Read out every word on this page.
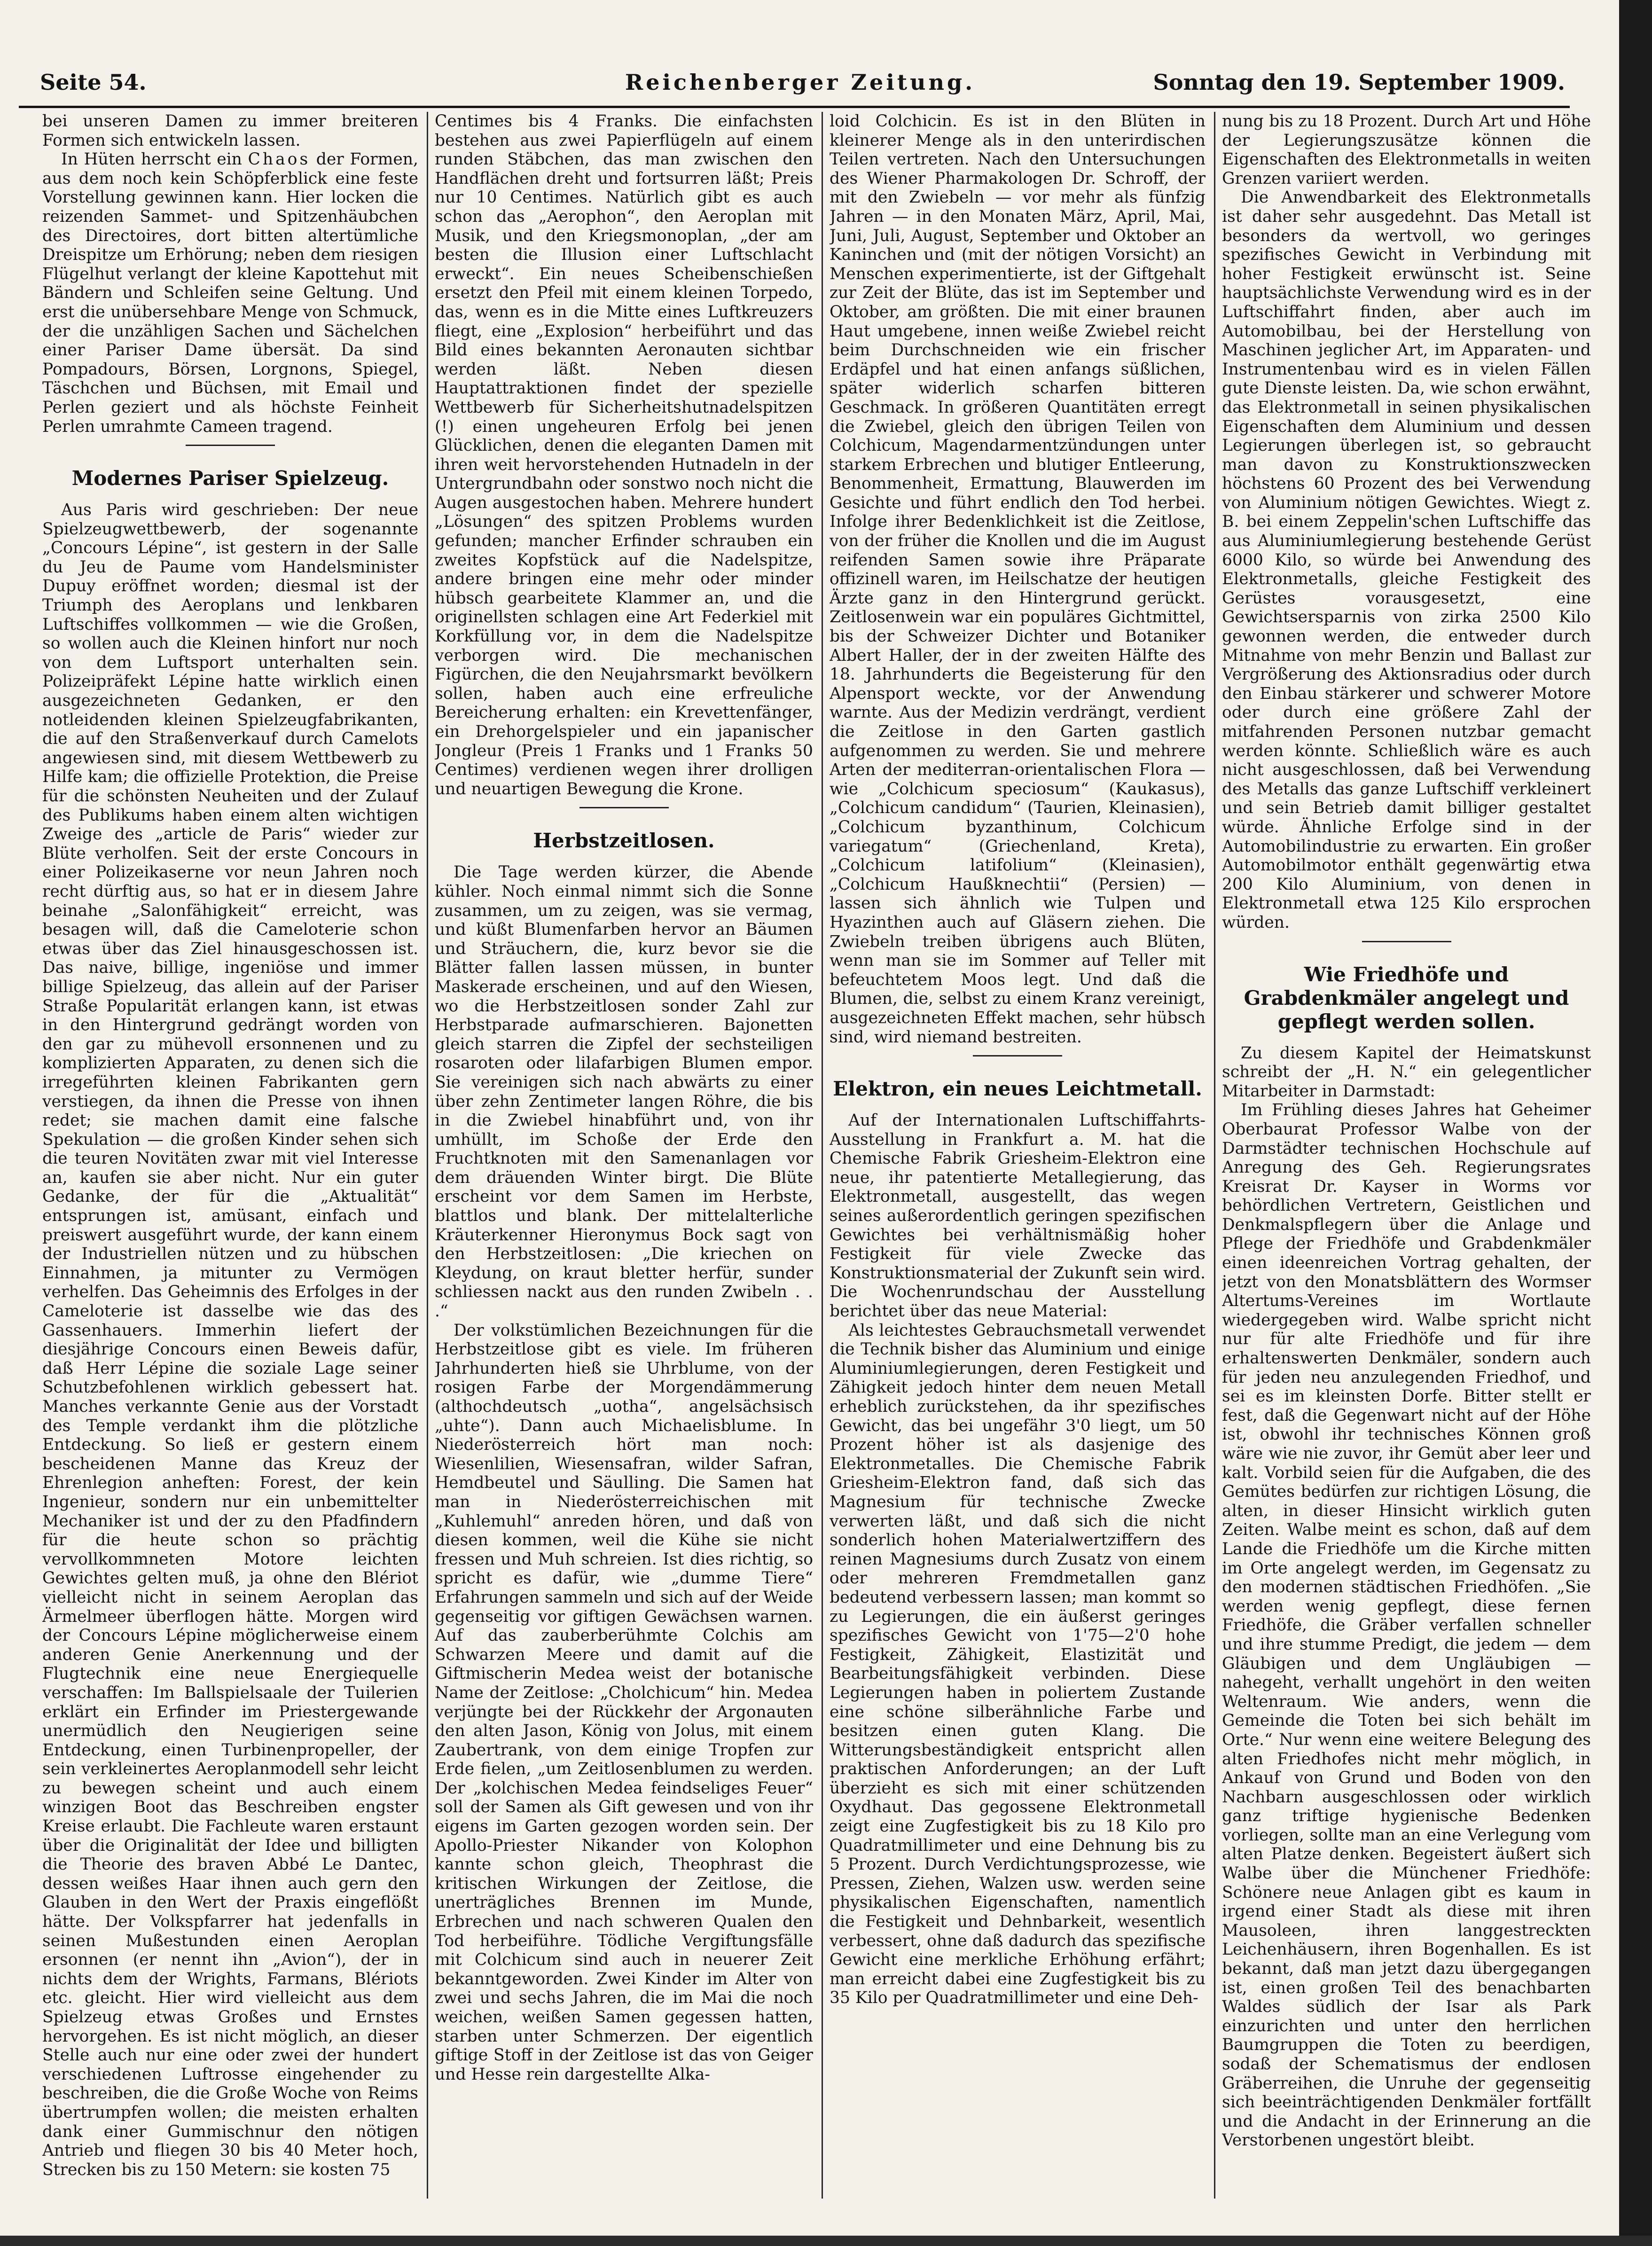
Seite 54.	Reichenberger Zeitung.	Sonntag den 19. September 1909.

bei unseren Damen zu immer breiteren Formen sich entwickeln lassen.

In Hüten herrscht ein Chaos der Formen, aus dem noch kein Schöpferblick eine feste Vorstellung gewinnen kann. Hier locken die reizenden Sammet- und Spitzenhäubchen des Directoires, dort bitten altertümliche Dreispitze um Erhörung; neben dem riesigen Flügelhut verlangt der kleine Kapottehut mit Bändern und Schleifen seine Geltung. Und erst die unübersehbare Menge von Schmuck, der die unzähligen Sachen und Sächelchen einer Pariser Dame übersät. Da sind Pompadours, Börsen, Lorgnons, Spiegel, Täschchen und Büchsen, mit Email und Perlen geziert und als höchste Feinheit Perlen umrahmte Cameen tragend.

Modernes Pariser Spielzeug.

Aus Paris wird geschrieben: Der neue Spielzeugwettbewerb, der sogenannte „Concours Lépine“, ist gestern in der Salle du Jeu de Paume vom Handelsminister Dupuy eröffnet worden; diesmal ist der Triumph des Aeroplans und lenkbaren Luftschiffes vollkommen — wie die Großen, so wollen auch die Kleinen hinfort nur noch von dem Luftsport unterhalten sein. Polizeipräfekt Lépine hatte wirklich einen ausgezeichneten Gedanken, er den notleidenden kleinen Spielzeugfabrikanten, die auf den Straßenverkauf durch Camelots angewiesen sind, mit diesem Wettbewerb zu Hilfe kam; die offizielle Protektion, die Preise für die schönsten Neuheiten und der Zulauf des Publikums haben einem alten wichtigen Zweige des „article de Paris“ wieder zur Blüte verholfen. Seit der erste Concours in einer Polizeikaserne vor neun Jahren noch recht dürftig aus, so hat er in diesem Jahre beinahe „Salonfähigkeit“ erreicht, was besagen will, daß die Cameloterie schon etwas über das Ziel hinausgeschossen ist. Das naive, billige, ingeniöse und immer billige Spielzeug, das allein auf der Pariser Straße Popularität erlangen kann, ist etwas in den Hintergrund gedrängt worden von den gar zu mühevoll ersonnenen und zu komplizierten Apparaten, zu denen sich die irregeführten kleinen Fabrikanten gern verstiegen, da ihnen die Presse von ihnen redet; sie machen damit eine falsche Spekulation — die großen Kinder sehen sich die teuren Novitäten zwar mit viel Interesse an, kaufen sie aber nicht. Nur ein guter Gedanke, der für die „Aktualität“ entsprungen ist, amüsant, einfach und preiswert ausgeführt wurde, der kann einem der Industriellen nützen und zu hübschen Einnahmen, ja mitunter zu Vermögen verhelfen. Das Geheimnis des Erfolges in der Cameloterie ist dasselbe wie das des Gassenhauers. Immerhin liefert der diesjährige Concours einen Beweis dafür, daß Herr Lépine die soziale Lage seiner Schutzbefohlenen wirklich gebessert hat. Manches verkannte Genie aus der Vorstadt des Temple verdankt ihm die plötzliche Entdeckung. So ließ er gestern einem bescheidenen Manne das Kreuz der Ehrenlegion anheften: Forest, der kein Ingenieur, sondern nur ein unbemittelter Mechaniker ist und der zu den Pfadfindern für die heute schon so prächtig vervollkommneten Motore leichten Gewichtes gelten muß, ja ohne den Blériot vielleicht nicht in seinem Aeroplan das Ärmelmeer überflogen hätte. Morgen wird der Concours Lépine möglicherweise einem anderen Genie Anerkennung und der Flugtechnik eine neue Energiequelle verschaffen: Im Ballspielsaale der Tuilerien erklärt ein Erfinder im Priestergewande unermüdlich den Neugierigen seine Entdeckung, einen Turbinenpropeller, der sein verkleinertes Aeroplanmodell sehr leicht zu bewegen scheint und auch einem winzigen Boot das Beschreiben engster Kreise erlaubt. Die Fachleute waren erstaunt über die Originalität der Idee und billigten die Theorie des braven Abbé Le Dantec, dessen weißes Haar ihnen auch gern den Glauben in den Wert der Praxis eingeflößt hätte. Der Volkspfarrer hat jedenfalls in seinen Mußestunden einen Aeroplan ersonnen (er nennt ihn „Avion“), der in nichts dem der Wrights, Farmans, Blériots etc. gleicht. Hier wird vielleicht aus dem Spielzeug etwas Großes und Ernstes hervorgehen. Es ist nicht möglich, an dieser Stelle auch nur eine oder zwei der hundert verschiedenen Luftrosse eingehender zu beschreiben, die die Große Woche von Reims übertrumpfen wollen; die meisten erhalten dank einer Gummischnur den nötigen Antrieb und fliegen 30 bis 40 Meter hoch, Strecken bis zu 150 Metern: sie kosten 75

Centimes bis 4 Franks. Die einfachsten bestehen aus zwei Papierflügeln auf einem runden Stäbchen, das man zwischen den Handflächen dreht und fortsurren läßt; Preis nur 10 Centimes. Natürlich gibt es auch schon das „Aerophon“, den Aeroplan mit Musik, und den Kriegsmonoplan, „der am besten die Illusion einer Luftschlacht erweckt“. Ein neues Scheibenschießen ersetzt den Pfeil mit einem kleinen Torpedo, das, wenn es in die Mitte eines Luftkreuzers fliegt, eine „Explosion“ herbeiführt und das Bild eines bekannten Aeronauten sichtbar werden läßt. Neben diesen Hauptattraktionen findet der spezielle Wettbewerb für Sicherheitshutnadelspitzen (!) einen ungeheuren Erfolg bei jenen Glücklichen, denen die eleganten Damen mit ihren weit hervorstehenden Hutnadeln in der Untergrundbahn oder sonstwo noch nicht die Augen ausgestochen haben. Mehrere hundert „Lösungen“ des spitzen Problems wurden gefunden; mancher Erfinder schrauben ein zweites Kopfstück auf die Nadelspitze, andere bringen eine mehr oder minder hübsch gearbeitete Klammer an, und die originellsten schlagen eine Art Federkiel mit Korkfüllung vor, in dem die Nadelspitze verborgen wird. Die mechanischen Figürchen, die den Neujahrsmarkt bevölkern sollen, haben auch eine erfreuliche Bereicherung erhalten: ein Krevettenfänger, ein Drehorgelspieler und ein japanischer Jongleur (Preis 1 Franks und 1 Franks 50 Centimes) verdienen wegen ihrer drolligen und neuartigen Bewegung die Krone.

Herbstzeitlosen.

Die Tage werden kürzer, die Abende kühler. Noch einmal nimmt sich die Sonne zusammen, um zu zeigen, was sie vermag, und küßt Blumenfarben hervor an Bäumen und Sträuchern, die, kurz bevor sie die Blätter fallen lassen müssen, in bunter Maskerade erscheinen, und auf den Wiesen, wo die Herbstzeitlosen sonder Zahl zur Herbstparade aufmarschieren. Bajonetten gleich starren die Zipfel der sechsteiligen rosaroten oder lilafarbigen Blumen empor. Sie vereinigen sich nach abwärts zu einer über zehn Zentimeter langen Röhre, die bis in die Zwiebel hinabführt und, von ihr umhüllt, im Schoße der Erde den Fruchtknoten mit den Samenanlagen vor dem dräuenden Winter birgt. Die Blüte erscheint vor dem Samen im Herbste, blattlos und blank. Der mittelalterliche Kräuterkenner Hieronymus Bock sagt von den Herbstzeitlosen: „Die kriechen on Kleydung, on kraut bletter herfür, sunder schliessen nackt aus den runden Zwibeln . . .“

Der volkstümlichen Bezeichnungen für die Herbstzeitlose gibt es viele. Im früheren Jahrhunderten hieß sie Uhrblume, von der rosigen Farbe der Morgendämmerung (althochdeutsch „uotha“, angelsächsisch „uhte“). Dann auch Michaelisblume. In Niederösterreich hört man noch: Wiesenlilien, Wiesensafran, wilder Safran, Hemdbeutel und Säulling. Die Samen hat man in Niederösterreichischen mit „Kuhlemuhl“ anreden hören, und daß von diesen kommen, weil die Kühe sie nicht fressen und Muh schreien. Ist dies richtig, so spricht es dafür, wie „dumme Tiere“ Erfahrungen sammeln und sich auf der Weide gegenseitig vor giftigen Gewächsen warnen. Auf das zauberberühmte Colchis am Schwarzen Meere und damit auf die Giftmischerin Medea weist der botanische Name der Zeitlose: „Cholchicum“ hin. Medea verjüngte bei der Rückkehr der Argonauten den alten Jason, König von Jolus, mit einem Zaubertrank, von dem einige Tropfen zur Erde fielen, „um Zeitlosenblumen zu werden. Der „kolchischen Medea feindseliges Feuer“ soll der Samen als Gift gewesen und von ihr eigens im Garten gezogen worden sein. Der Apollo-Priester Nikander von Kolophon kannte schon gleich, Theophrast die kritischen Wirkungen der Zeitlose, die unerträgliches Brennen im Munde, Erbrechen und nach schweren Qualen den Tod herbeiführe. Tödliche Vergiftungsfälle mit Colchicum sind auch in neuerer Zeit bekanntgeworden. Zwei Kinder im Alter von zwei und sechs Jahren, die im Mai die noch weichen, weißen Samen gegessen hatten, starben unter Schmerzen. Der eigentlich giftige Stoff in der Zeitlose ist das von Geiger und Hesse rein dargestellte Alka-

loid Colchicin. Es ist in den Blüten in kleinerer Menge als in den unterirdischen Teilen vertreten. Nach den Untersuchungen des Wiener Pharmakologen Dr. Schroff, der mit den Zwiebeln — vor mehr als fünfzig Jahren — in den Monaten März, April, Mai, Juni, Juli, August, September und Oktober an Kaninchen und (mit der nötigen Vorsicht) an Menschen experimentierte, ist der Giftgehalt zur Zeit der Blüte, das ist im September und Oktober, am größten. Die mit einer braunen Haut umgebene, innen weiße Zwiebel reicht beim Durchschneiden wie ein frischer Erdäpfel und hat einen anfangs süßlichen, später widerlich scharfen bitteren Geschmack. In größeren Quantitäten erregt die Zwiebel, gleich den übrigen Teilen von Colchicum, Magendarmentzündungen unter starkem Erbrechen und blutiger Entleerung, Benommenheit, Ermattung, Blauwerden im Gesichte und führt endlich den Tod herbei. Infolge ihrer Bedenklichkeit ist die Zeitlose, von der früher die Knollen und die im August reifenden Samen sowie ihre Präparate offizinell waren, im Heilschatze der heutigen Ärzte ganz in den Hintergrund gerückt. Zeitlosenwein war ein populäres Gichtmittel, bis der Schweizer Dichter und Botaniker Albert Haller, der in der zweiten Hälfte des 18. Jahrhunderts die Begeisterung für den Alpensport weckte, vor der Anwendung warnte. Aus der Medizin verdrängt, verdient die Zeitlose in den Garten gastlich aufgenommen zu werden. Sie und mehrere Arten der mediterran-orientalischen Flora — wie „Colchicum speciosum“ (Kaukasus), „Colchicum candidum“ (Taurien, Kleinasien), „Colchicum byzanthinum, Colchicum variegatum“ (Griechenland, Kreta), „Colchicum latifolium“ (Kleinasien), „Colchicum Haußknechtii“ (Persien) — lassen sich ähnlich wie Tulpen und Hyazinthen auch auf Gläsern ziehen. Die Zwiebeln treiben übrigens auch Blüten, wenn man sie im Sommer auf Teller mit befeuchtetem Moos legt. Und daß die Blumen, die, selbst zu einem Kranz vereinigt, ausgezeichneten Effekt machen, sehr hübsch sind, wird niemand bestreiten.

Elektron, ein neues Leichtmetall.

Auf der Internationalen Luftschiffahrts-Ausstellung in Frankfurt a. M. hat die Chemische Fabrik Griesheim-Elektron eine neue, ihr patentierte Metallegierung, das Elektronmetall, ausgestellt, das wegen seines außerordentlich geringen spezifischen Gewichtes bei verhältnismäßig hoher Festigkeit für viele Zwecke das Konstruktionsmaterial der Zukunft sein wird. Die Wochenrundschau der Ausstellung berichtet über das neue Material:

Als leichtestes Gebrauchsmetall verwendet die Technik bisher das Aluminium und einige Aluminiumlegierungen, deren Festigkeit und Zähigkeit jedoch hinter dem neuen Metall erheblich zurückstehen, da ihr spezifisches Gewicht, das bei ungefähr 3'0 liegt, um 50 Prozent höher ist als dasjenige des Elektronmetalles. Die Chemische Fabrik Griesheim-Elektron fand, daß sich das Magnesium für technische Zwecke verwerten läßt, und daß sich die nicht sonderlich hohen Materialwertziffern des reinen Magnesiums durch Zusatz von einem oder mehreren Fremdmetallen ganz bedeutend verbessern lassen; man kommt so zu Legierungen, die ein äußerst geringes spezifisches Gewicht von 1'75—2'0 hohe Festigkeit, Zähigkeit, Elastizität und Bearbeitungsfähigkeit verbinden. Diese Legierungen haben in poliertem Zustande eine schöne silberähnliche Farbe und besitzen einen guten Klang. Die Witterungsbeständigkeit entspricht allen praktischen Anforderungen; an der Luft überzieht es sich mit einer schützenden Oxydhaut. Das gegossene Elektronmetall zeigt eine Zugfestigkeit bis zu 18 Kilo pro Quadratmillimeter und eine Dehnung bis zu 5 Prozent. Durch Verdichtungsprozesse, wie Pressen, Ziehen, Walzen usw. werden seine physikalischen Eigenschaften, namentlich die Festigkeit und Dehnbarkeit, wesentlich verbessert, ohne daß dadurch das spezifische Gewicht eine merkliche Erhöhung erfährt; man erreicht dabei eine Zugfestigkeit bis zu 35 Kilo per Quadratmillimeter und eine Deh-

nung bis zu 18 Prozent. Durch Art und Höhe der Legierungszusätze können die Eigenschaften des Elektronmetalls in weiten Grenzen variiert werden.

Die Anwendbarkeit des Elektronmetalls ist daher sehr ausgedehnt. Das Metall ist besonders da wertvoll, wo geringes spezifisches Gewicht in Verbindung mit hoher Festigkeit erwünscht ist. Seine hauptsächlichste Verwendung wird es in der Luftschiffahrt finden, aber auch im Automobilbau, bei der Herstellung von Maschinen jeglicher Art, im Apparaten- und Instrumentenbau wird es in vielen Fällen gute Dienste leisten. Da, wie schon erwähnt, das Elektronmetall in seinen physikalischen Eigenschaften dem Aluminium und dessen Legierungen überlegen ist, so gebraucht man davon zu Konstruktionszwecken höchstens 60 Prozent des bei Verwendung von Aluminium nötigen Gewichtes. Wiegt z. B. bei einem Zeppelin'schen Luftschiffe das aus Aluminiumlegierung bestehende Gerüst 6000 Kilo, so würde bei Anwendung des Elektronmetalls, gleiche Festigkeit des Gerüstes vorausgesetzt, eine Gewichtsersparnis von zirka 2500 Kilo gewonnen werden, die entweder durch Mitnahme von mehr Benzin und Ballast zur Vergrößerung des Aktionsradius oder durch den Einbau stärkerer und schwerer Motore oder durch eine größere Zahl der mitfahrenden Personen nutzbar gemacht werden könnte. Schließlich wäre es auch nicht ausgeschlossen, daß bei Verwendung des Metalls das ganze Luftschiff verkleinert und sein Betrieb damit billiger gestaltet würde. Ähnliche Erfolge sind in der Automobilindustrie zu erwarten. Ein großer Automobilmotor enthält gegenwärtig etwa 200 Kilo Aluminium, von denen in Elektronmetall etwa 125 Kilo ersprochen würden.

Wie Friedhöfe und Grabdenkmäler angelegt und gepflegt werden sollen.

Zu diesem Kapitel der Heimatskunst schreibt der „H. N.“ ein gelegentlicher Mitarbeiter in Darmstadt:

Im Frühling dieses Jahres hat Geheimer Oberbaurat Professor Walbe von der Darmstädter technischen Hochschule auf Anregung des Geh. Regierungsrates Kreisrat Dr. Kayser in Worms vor behördlichen Vertretern, Geistlichen und Denkmalspflegern über die Anlage und Pflege der Friedhöfe und Grabdenkmäler einen ideenreichen Vortrag gehalten, der jetzt von den Monatsblättern des Wormser Altertums-Vereines im Wortlaute wiedergegeben wird. Walbe spricht nicht nur für alte Friedhöfe und für ihre erhaltenswerten Denkmäler, sondern auch für jeden neu anzulegenden Friedhof, und sei es im kleinsten Dorfe. Bitter stellt er fest, daß die Gegenwart nicht auf der Höhe ist, obwohl ihr technisches Können groß wäre wie nie zuvor, ihr Gemüt aber leer und kalt. Vorbild seien für die Aufgaben, die des Gemütes bedürfen zur richtigen Lösung, die alten, in dieser Hinsicht wirklich guten Zeiten. Walbe meint es schon, daß auf dem Lande die Friedhöfe um die Kirche mitten im Orte angelegt werden, im Gegensatz zu den modernen städtischen Friedhöfen. „Sie werden wenig gepflegt, diese fernen Friedhöfe, die Gräber verfallen schneller und ihre stumme Predigt, die jedem — dem Gläubigen und dem Ungläubigen — nahegeht, verhallt ungehört in den weiten Weltenraum. Wie anders, wenn die Gemeinde die Toten bei sich behält im Orte.“ Nur wenn eine weitere Belegung des alten Friedhofes nicht mehr möglich, in Ankauf von Grund und Boden von den Nachbarn ausgeschlossen oder wirklich ganz triftige hygienische Bedenken vorliegen, sollte man an eine Verlegung vom alten Platze denken. Begeistert äußert sich Walbe über die Münchener Friedhöfe: Schönere neue Anlagen gibt es kaum in irgend einer Stadt als diese mit ihren Mausoleen, ihren langgestreckten Leichenhäusern, ihren Bogenhallen. Es ist bekannt, daß man jetzt dazu übergegangen ist, einen großen Teil des benachbarten Waldes südlich der Isar als Park einzurichten und unter den herrlichen Baumgruppen die Toten zu beerdigen, sodaß der Schematismus der endlosen Gräberreihen, die Unruhe der gegenseitig sich beeinträchtigenden Denkmäler fortfällt und die Andacht in der Erinnerung an die Verstorbenen ungestört bleibt.
